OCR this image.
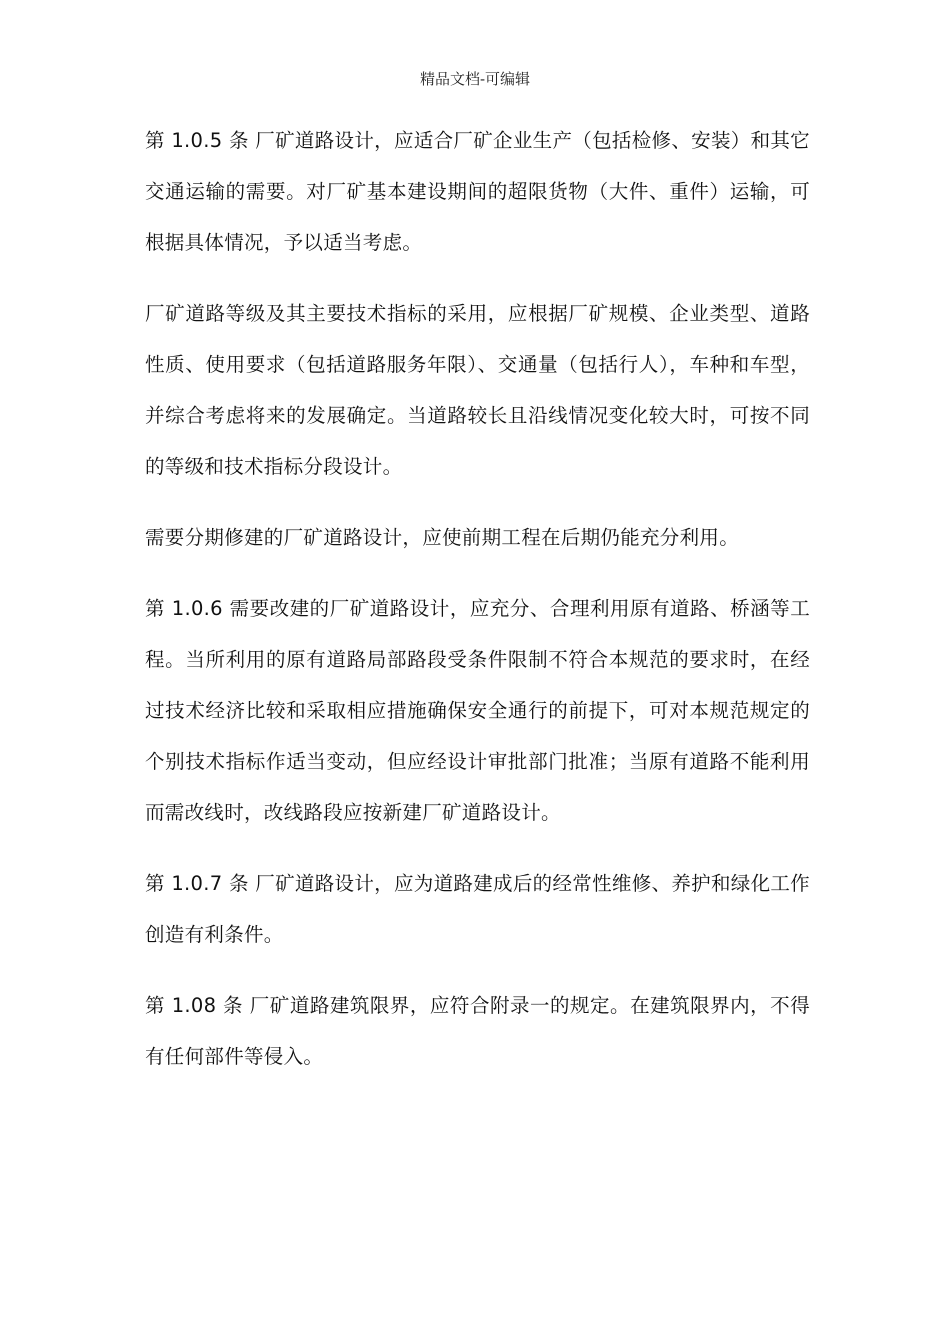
精品文档-可编辑

第 1.0.5 条 厂矿道路设计，应适合厂矿企业生产（包括检修、安装）和其它交通运输的需要。对厂矿基本建设期间的超限货物（大件、重件）运输，可根据具体情况，予以适当考虑。

厂矿道路等级及其主要技术指标的采用，应根据厂矿规模、企业类型、道路性质、使用要求（包括道路服务年限）、交通量（包括行人），车种和车型，并综合考虑将来的发展确定。当道路较长且沿线情况变化较大时，可按不同的等级和技术指标分段设计。

需要分期修建的厂矿道路设计，应使前期工程在后期仍能充分利用。

第 1.0.6 需要改建的厂矿道路设计，应充分、合理利用原有道路、桥涵等工程。当所利用的原有道路局部路段受条件限制不符合本规范的要求时，在经过技术经济比较和采取相应措施确保安全通行的前提下，可对本规范规定的个别技术指标作适当变动，但应经设计审批部门批准；当原有道路不能利用而需改线时，改线路段应按新建厂矿道路设计。

第 1.0.7 条 厂矿道路设计，应为道路建成后的经常性维修、养护和绿化工作创造有利条件。

第 1.08 条 厂矿道路建筑限界，应符合附录一的规定。在建筑限界内，不得有任何部件等侵入。
